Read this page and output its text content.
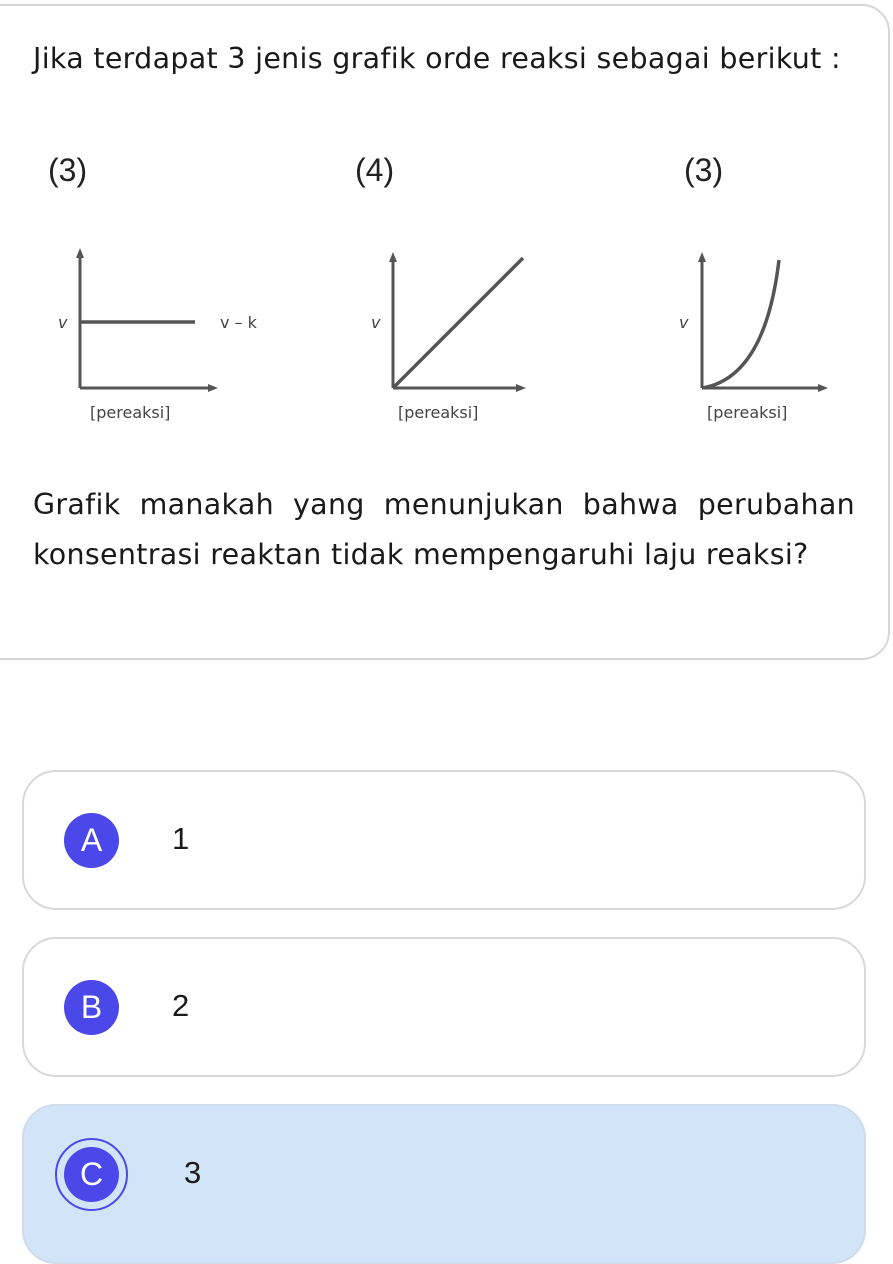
Jika terdapat 3 jenis grafik orde reaksi sebagai berikut :
(3)
v	v – k
[pereaksi]
(4)
v
[pereaksi]
(3)
v
[pereaksi]
Grafik manakah yang menunjukan bahwa perubahan konsentrasi reaktan tidak mempengaruhi laju reaksi?
A	1
B	2
C	3
